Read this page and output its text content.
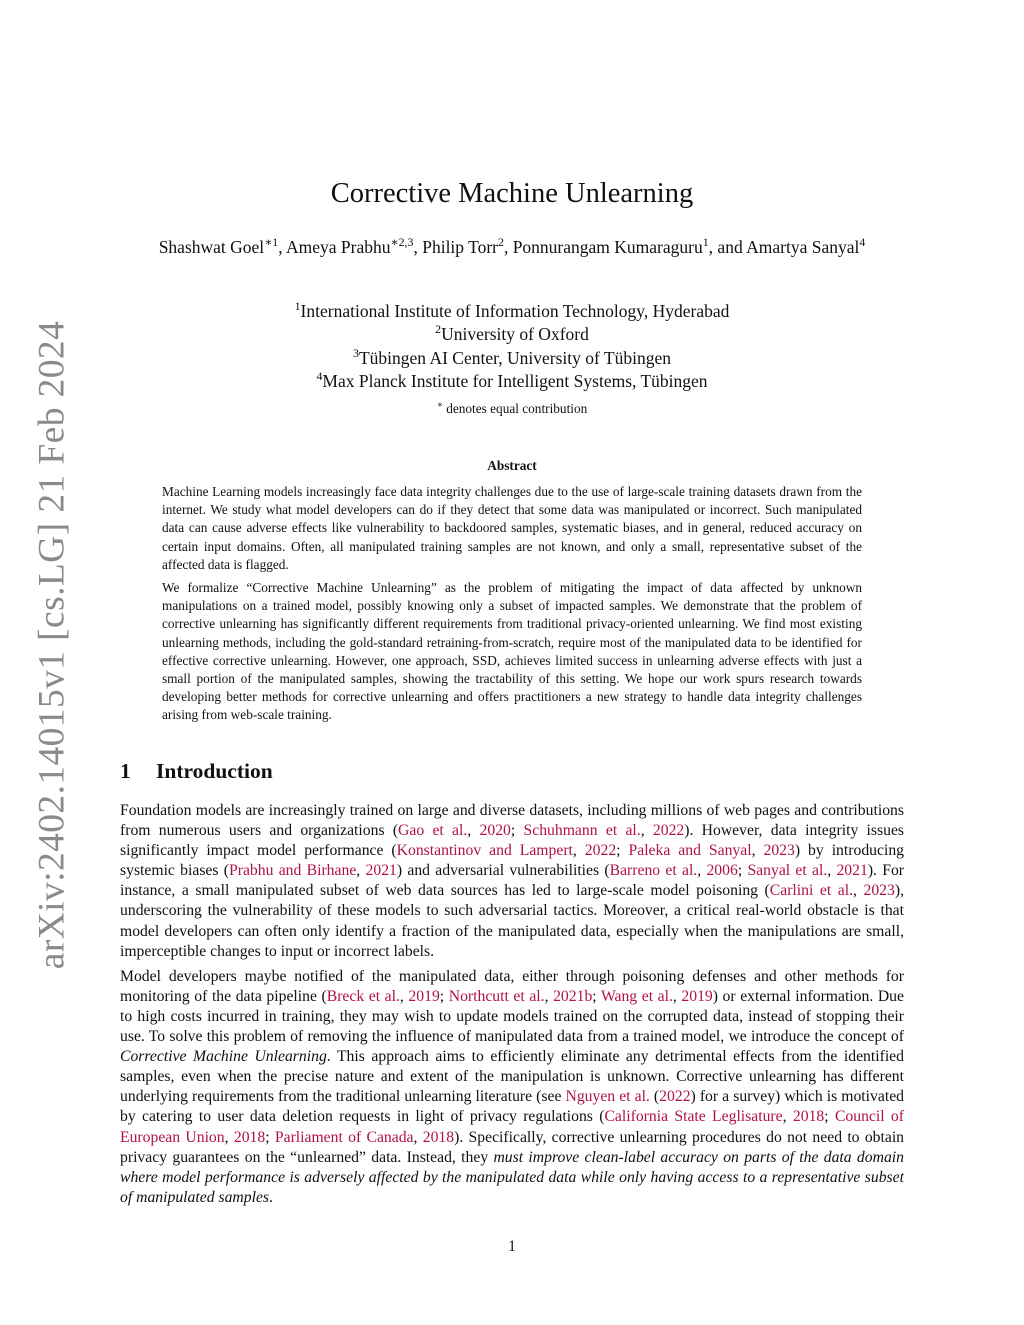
arXiv:2402.14015v1 [cs.LG] 21 Feb 2024
Corrective Machine Unlearning
Shashwat Goel$^{∗1}$, Ameya Prabhu$^{∗2,3}$, Philip Torr$^2$, Ponnurangam Kumaraguru$^1$, and Amartya Sanyal$^4$
$^1$International Institute of Information Technology, Hyderabad
$^2$University of Oxford
$^3$Tübingen AI Center, University of Tübingen
$^4$Max Planck Institute for Intelligent Systems, Tübingen
∗ denotes equal contribution
Abstract

Machine Learning models increasingly face data integrity challenges due to the use of large-scale training datasets drawn from the internet. We study what model developers can do if they detect that some data was manipulated or incorrect. Such manipulated data can cause adverse effects like vulnerability to backdoored samples, systematic biases, and in general, reduced accuracy on certain input domains. Often, all manipulated training samples are not known, and only a small, representative subset of the affected data is flagged.

We formalize “Corrective Machine Unlearning” as the problem of mitigating the impact of data affected by unknown manipulations on a trained model, possibly knowing only a subset of impacted samples. We demonstrate that the problem of corrective unlearning has significantly different requirements from traditional privacy-oriented unlearning. We find most existing unlearning methods, including the gold-standard retraining-from-scratch, require most of the manipulated data to be identified for effective corrective unlearning. However, one approach, SSD, achieves limited success in unlearning adverse effects with just a small portion of the manipulated samples, showing the tractability of this setting. We hope our work spurs research towards developing better methods for corrective unlearning and offers practitioners a new strategy to handle data integrity challenges arising from web-scale training.

1 Introduction

Foundation models are increasingly trained on large and diverse datasets, including millions of web pages and contributions from numerous users and organizations (Gao et al., 2020; Schuhmann et al., 2022). However, data integrity issues significantly impact model performance (Konstantinov and Lampert, 2022; Paleka and Sanyal, 2023) by introducing systemic biases (Prabhu and Birhane, 2021) and adversarial vulnerabilities (Barreno et al., 2006; Sanyal et al., 2021). For instance, a small manipulated subset of web data sources has led to large-scale model poisoning (Carlini et al., 2023), underscoring the vulnerability of these models to such adversarial tactics. Moreover, a critical real-world obstacle is that model developers can often only identify a fraction of the manipulated data, especially when the manipulations are small, imperceptible changes to input or incorrect labels.

Model developers maybe notified of the manipulated data, either through poisoning defenses and other methods for monitoring of the data pipeline (Breck et al., 2019; Northcutt et al., 2021b; Wang et al., 2019) or external information. Due to high costs incurred in training, they may wish to update models trained on the corrupted data, instead of stopping their use. To solve this problem of removing the influence of manipulated data from a trained model, we introduce the concept of Corrective Machine Unlearning. This approach aims to efficiently eliminate any detrimental effects from the identified samples, even when the precise nature and extent of the manipulation is unknown. Corrective unlearning has different underlying requirements from the traditional unlearning literature (see Nguyen et al. (2022) for a survey) which is motivated by catering to user data deletion requests in light of privacy regulations (California State Leglisature, 2018; Council of European Union, 2018; Parliament of Canada, 2018). Specifically, corrective unlearning procedures do not need to obtain privacy guarantees on the “unlearned” data. Instead, they must improve clean-label accuracy on parts of the data domain where model performance is adversely affected by the manipulated data while only having access to a representative subset of manipulated samples.

1
